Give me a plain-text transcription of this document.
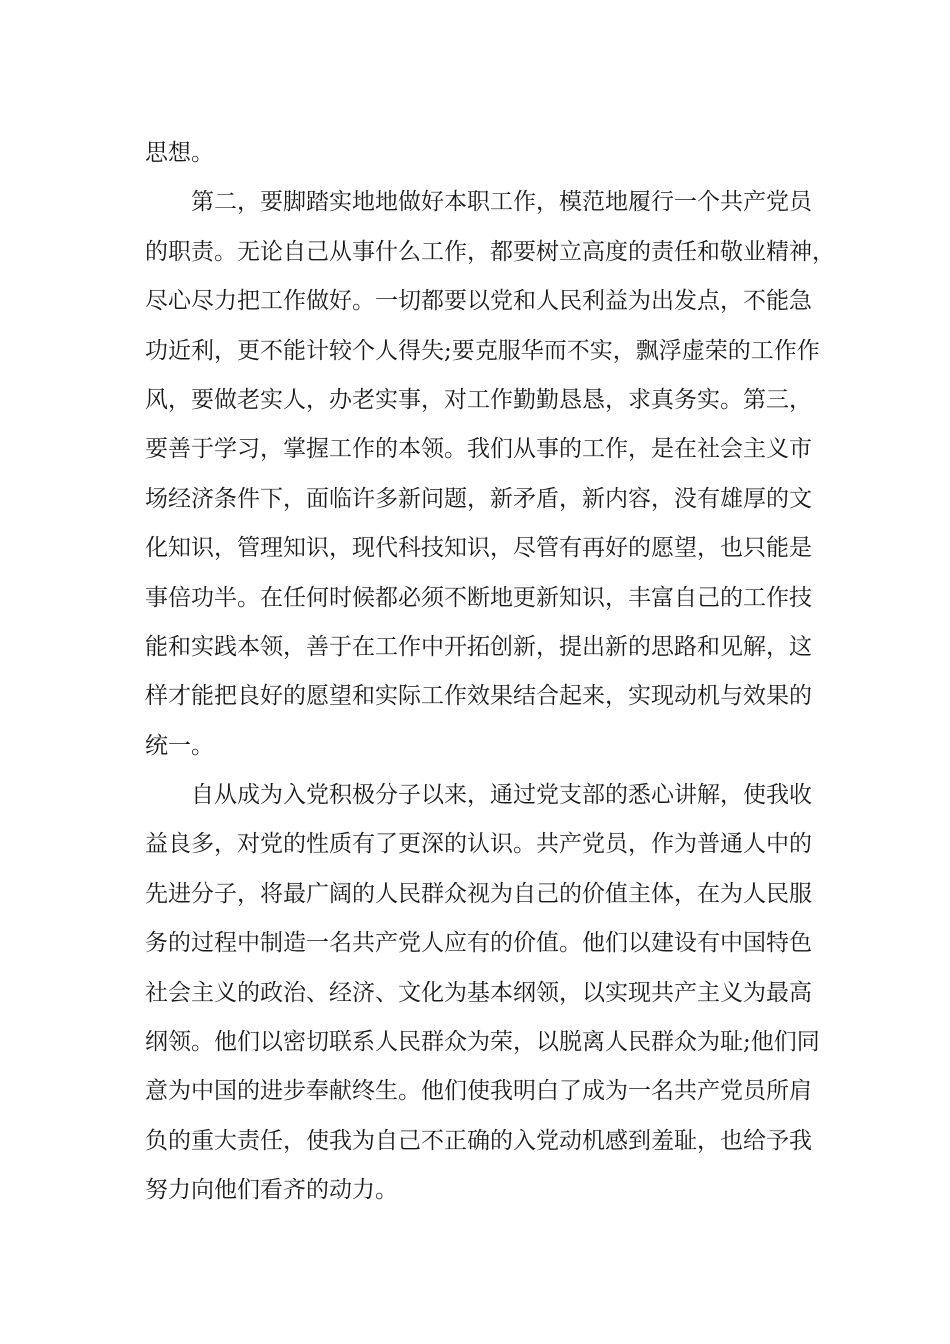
思想。
第二，要脚踏实地地做好本职工作，模范地履行一个共产党员
的职责。无论自己从事什么工作，都要树立高度的责任和敬业精神，
尽心尽力把工作做好。一切都要以党和人民利益为出发点，不能急
功近利，更不能计较个人得失;要克服华而不实，飘浮虚荣的工作作
风，要做老实人，办老实事，对工作勤勤恳恳，求真务实。第三，
要善于学习，掌握工作的本领。我们从事的工作，是在社会主义市
场经济条件下，面临许多新问题，新矛盾，新内容，没有雄厚的文
化知识，管理知识，现代科技知识，尽管有再好的愿望，也只能是
事倍功半。在任何时候都必须不断地更新知识，丰富自己的工作技
能和实践本领，善于在工作中开拓创新，提出新的思路和见解，这
样才能把良好的愿望和实际工作效果结合起来，实现动机与效果的
统一。
自从成为入党积极分子以来，通过党支部的悉心讲解，使我收
益良多，对党的性质有了更深的认识。共产党员，作为普通人中的
先进分子，将最广阔的人民群众视为自己的价值主体，在为人民服
务的过程中制造一名共产党人应有的价值。他们以建设有中国特色
社会主义的政治、经济、文化为基本纲领，以实现共产主义为最高
纲领。他们以密切联系人民群众为荣，以脱离人民群众为耻;他们同
意为中国的进步奉献终生。他们使我明白了成为一名共产党员所肩
负的重大责任，使我为自己不正确的入党动机感到羞耻，也给予我
努力向他们看齐的动力。
